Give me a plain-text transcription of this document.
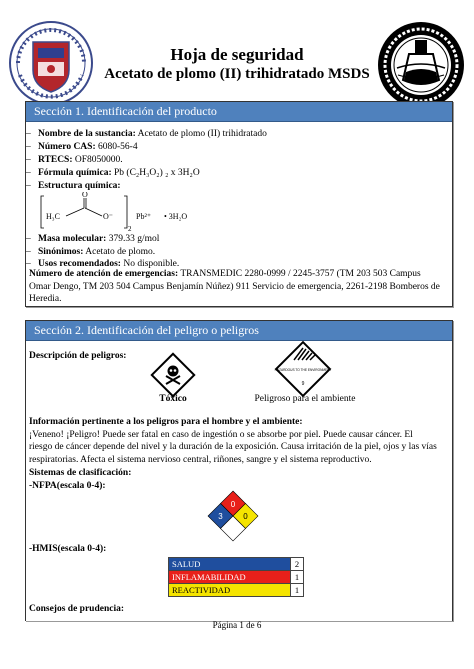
Hoja de seguridad
Acetato de plomo (II) trihidratado MSDS
Sección 1. Identificación del producto
– Nombre de la sustancia: Acetato de plomo (II) trihidratado
– Número CAS: 6080-56-4
– RTECS: OF8050000.
– Fórmula química: Pb (C₂H₃O₂) ₂ x 3H₂O
– Estructura química:
H₃C
O
O⁻
2
Pb²⁺ • 3H₂O
– Masa molecular: 379.33 g/mol
– Sinónimos: Acetato de plomo.
– Usos recomendados: No disponible.
Número de atención de emergencias: TRANSMEDIC 2280-0999 / 2245-3757 (TM 203 503 Campus
Omar Dengo, TM 203 504 Campus Benjamín Núñez) 911 Servicio de emergencia, 2261-2198 Bomberos de
Heredia.
Sección 2. Identificación del peligro o peligros
Descripción de peligros:
Tóxico
HAZARDOUS TO THE ENVIRONMENT
9
Peligroso para el ambiente
Información pertinente a los peligros para el hombre y el ambiente:
¡Veneno! ¡Peligro! Puede ser fatal en caso de ingestión o se absorbe por piel. Puede causar cáncer. El
riesgo de cáncer depende del nivel y la duración de la exposición. Causa irritación de la piel, ojos y las vías
respiratorias. Afecta el sistema nervioso central, riñones, sangre y el sistema reproductivo.
Sistemas de clasificación:
-NFPA(escala 0-4):
0
3	0
-HMIS(escala 0-4):
SALUD	2
INFLAMABILIDAD	1
REACTIVIDAD	1
Consejos de prudencia:
Página 1 de 6
